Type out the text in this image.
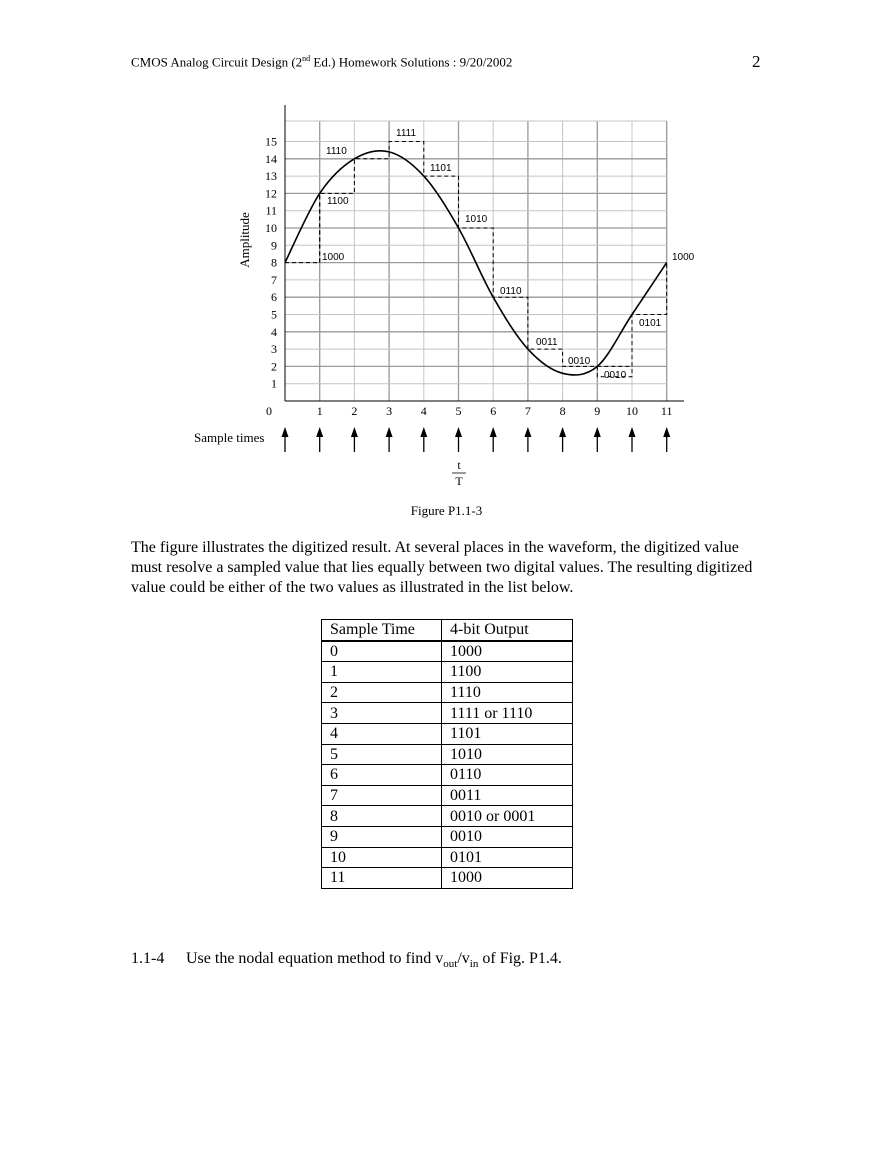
CMOS Analog Circuit Design (2nd Ed.) Homework Solutions : 9/20/2002	2
1
2
3
4
5
6
7
8
9
10
11
12
13
14
15
0	1 2 3 4 5 6 7 8 9 10 11
1000
1100
1110
1111
1101
1010
0110
0011
0010
0010
0101
1000
Amplitude
Sample times
t
T
Figure P1.1-3
The figure illustrates the digitized result. At several places in the waveform, the digitized value must resolve a sampled value that lies equally between two digital values. The resulting digitized value could be either of the two values as illustrated in the list below.
Sample Time	4-bit Output
0	1000
1	1100
2	1110
3	1111 or 1110
4	1101
5	1010
6	0110
7	0011
8	0010 or 0001
9	0010
10	0101
11	1000
1.1-4 Use the nodal equation method to find $v_{out}/v_{in}$ of Fig. P1.4.
